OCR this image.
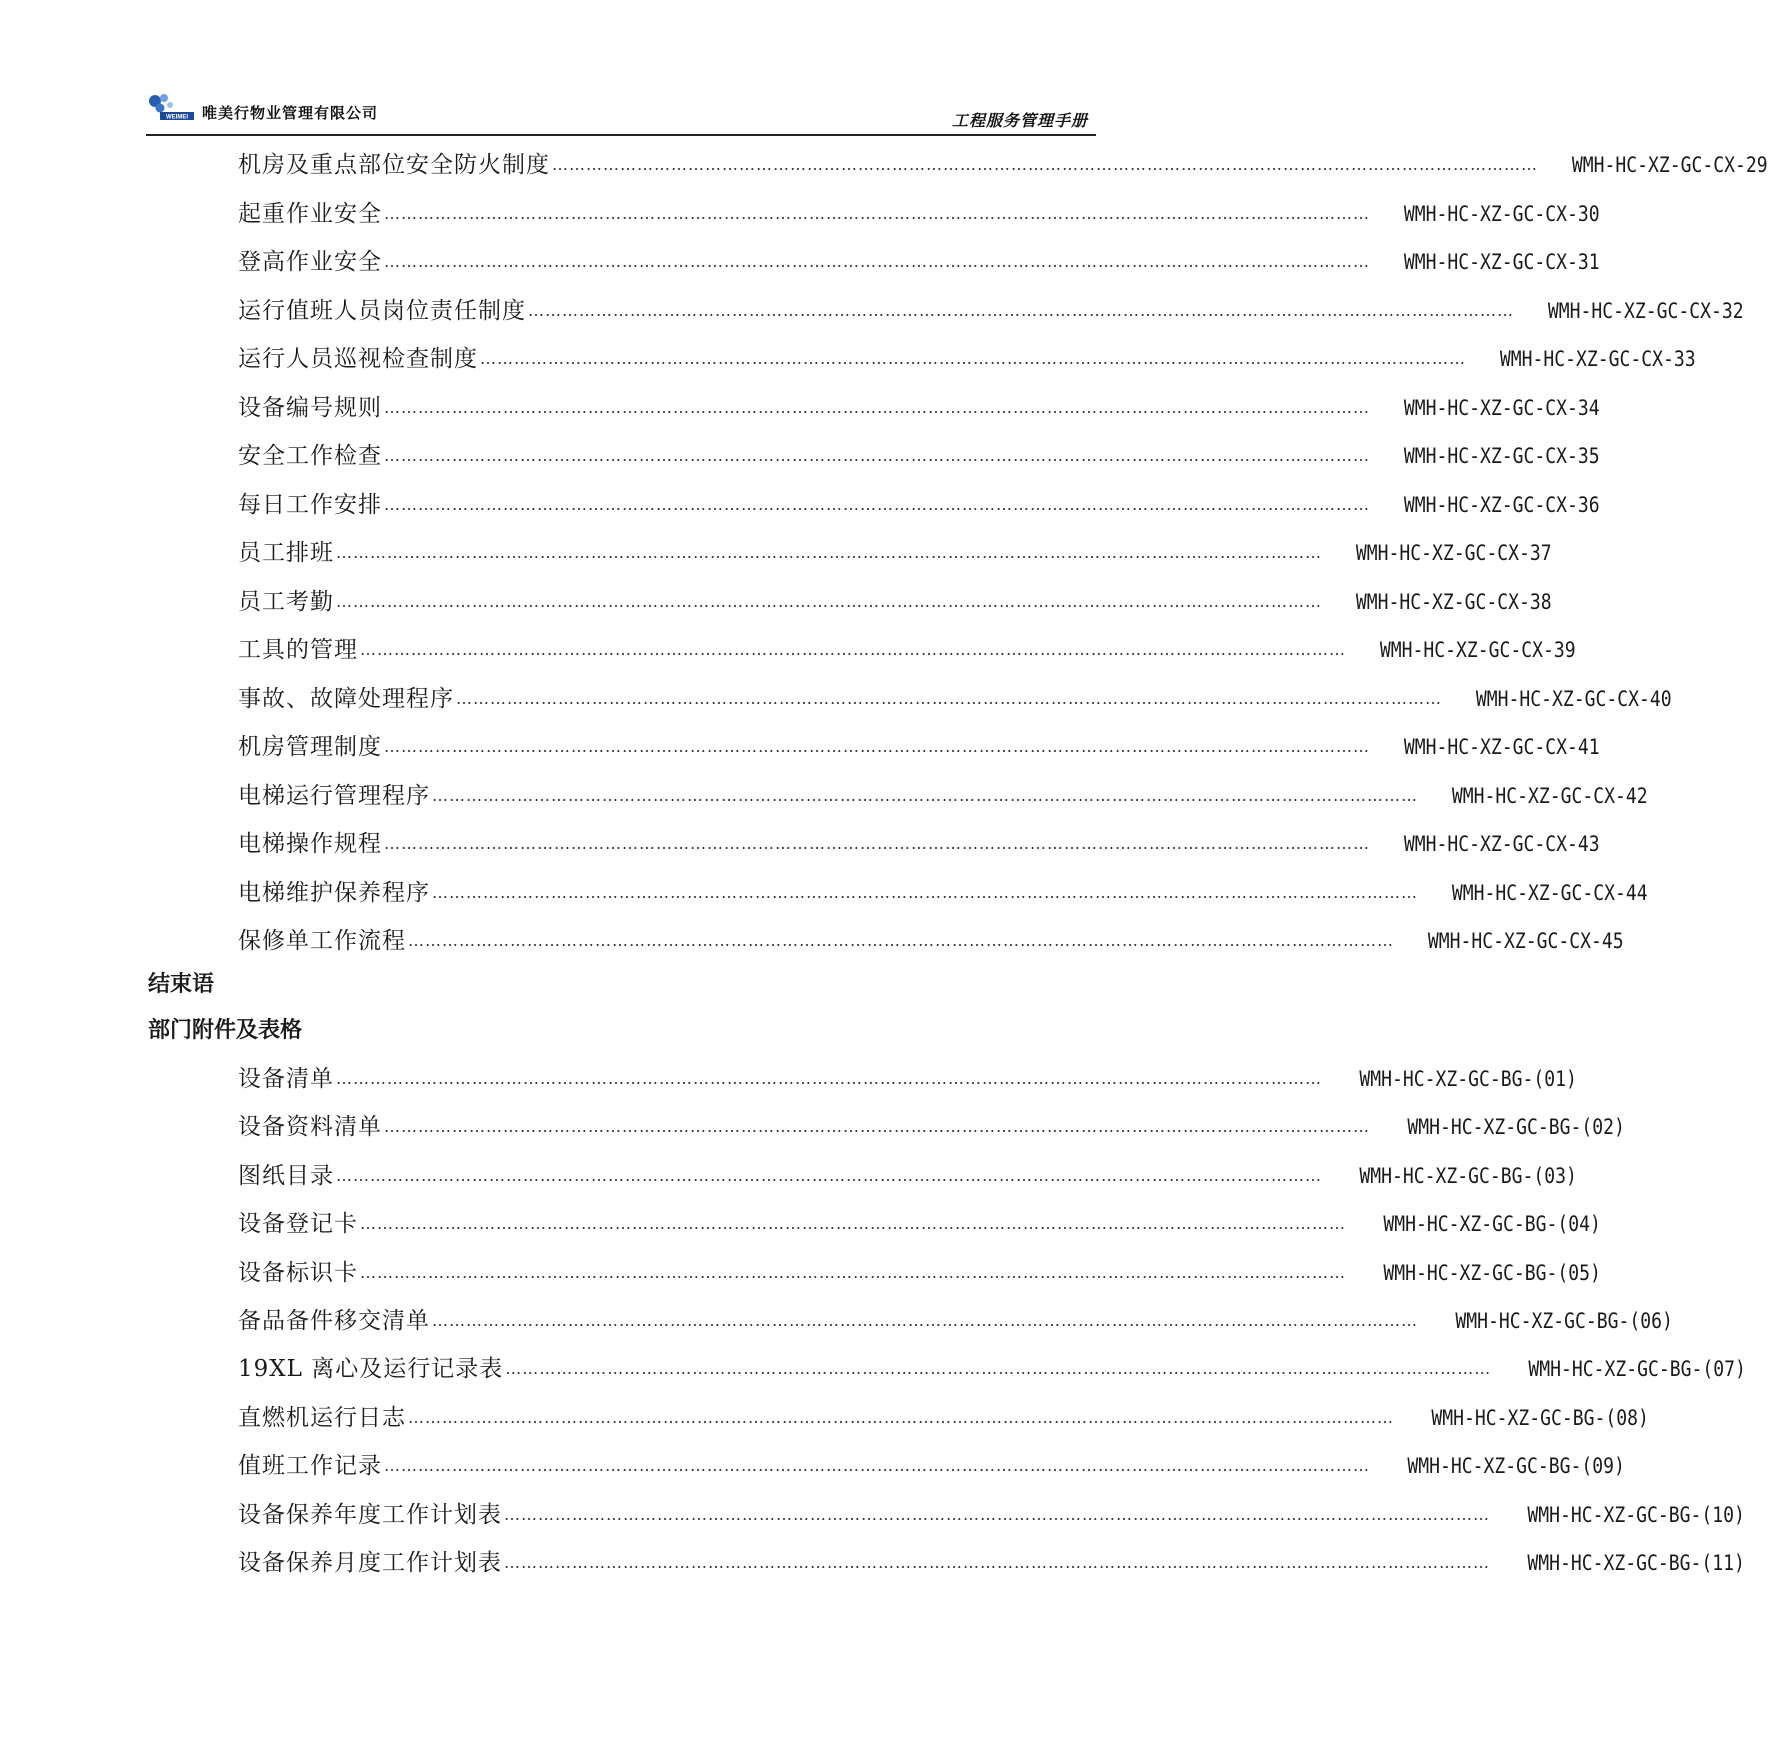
WEIMEI 唯美行物业管理有限公司	工程服务管理手册
结束语
部门附件及表格
机房及重点部位安全防火制度 ………………………………………………………………………………………………………………………………………………………… WMH-HC-XZ-GC-CX-29
起重作业安全 ………………………………………………………………………………………………………………………………………………………… WMH-HC-XZ-GC-CX-30
登高作业安全 ………………………………………………………………………………………………………………………………………………………… WMH-HC-XZ-GC-CX-31
运行值班人员岗位责任制度 ………………………………………………………………………………………………………………………………………………………… WMH-HC-XZ-GC-CX-32
运行人员巡视检查制度 ………………………………………………………………………………………………………………………………………………………… WMH-HC-XZ-GC-CX-33
设备编号规则 ………………………………………………………………………………………………………………………………………………………… WMH-HC-XZ-GC-CX-34
安全工作检查 ………………………………………………………………………………………………………………………………………………………… WMH-HC-XZ-GC-CX-35
每日工作安排 ………………………………………………………………………………………………………………………………………………………… WMH-HC-XZ-GC-CX-36
员工排班 ………………………………………………………………………………………………………………………………………………………… WMH-HC-XZ-GC-CX-37
员工考勤 ………………………………………………………………………………………………………………………………………………………… WMH-HC-XZ-GC-CX-38
工具的管理 ………………………………………………………………………………………………………………………………………………………… WMH-HC-XZ-GC-CX-39
事故、故障处理程序 ………………………………………………………………………………………………………………………………………………………… WMH-HC-XZ-GC-CX-40
机房管理制度 ………………………………………………………………………………………………………………………………………………………… WMH-HC-XZ-GC-CX-41
电梯运行管理程序 ………………………………………………………………………………………………………………………………………………………… WMH-HC-XZ-GC-CX-42
电梯操作规程 ………………………………………………………………………………………………………………………………………………………… WMH-HC-XZ-GC-CX-43
电梯维护保养程序 ………………………………………………………………………………………………………………………………………………………… WMH-HC-XZ-GC-CX-44
保修单工作流程 ………………………………………………………………………………………………………………………………………………………… WMH-HC-XZ-GC-CX-45
设备清单 ………………………………………………………………………………………………………………………………………………………… WMH-HC-XZ-GC-BG-(01)
设备资料清单 ………………………………………………………………………………………………………………………………………………………… WMH-HC-XZ-GC-BG-(02)
图纸目录 ………………………………………………………………………………………………………………………………………………………… WMH-HC-XZ-GC-BG-(03)
设备登记卡 ………………………………………………………………………………………………………………………………………………………… WMH-HC-XZ-GC-BG-(04)
设备标识卡 ………………………………………………………………………………………………………………………………………………………… WMH-HC-XZ-GC-BG-(05)
备品备件移交清单 ………………………………………………………………………………………………………………………………………………………… WMH-HC-XZ-GC-BG-(06)
19XL 离心及运行记录表 ………………………………………………………………………………………………………………………………………………………… WMH-HC-XZ-GC-BG-(07)
直燃机运行日志 ………………………………………………………………………………………………………………………………………………………… WMH-HC-XZ-GC-BG-(08)
值班工作记录 ………………………………………………………………………………………………………………………………………………………… WMH-HC-XZ-GC-BG-(09)
设备保养年度工作计划表 ………………………………………………………………………………………………………………………………………………………… WMH-HC-XZ-GC-BG-(10)
设备保养月度工作计划表 ………………………………………………………………………………………………………………………………………………………… WMH-HC-XZ-GC-BG-(11)
